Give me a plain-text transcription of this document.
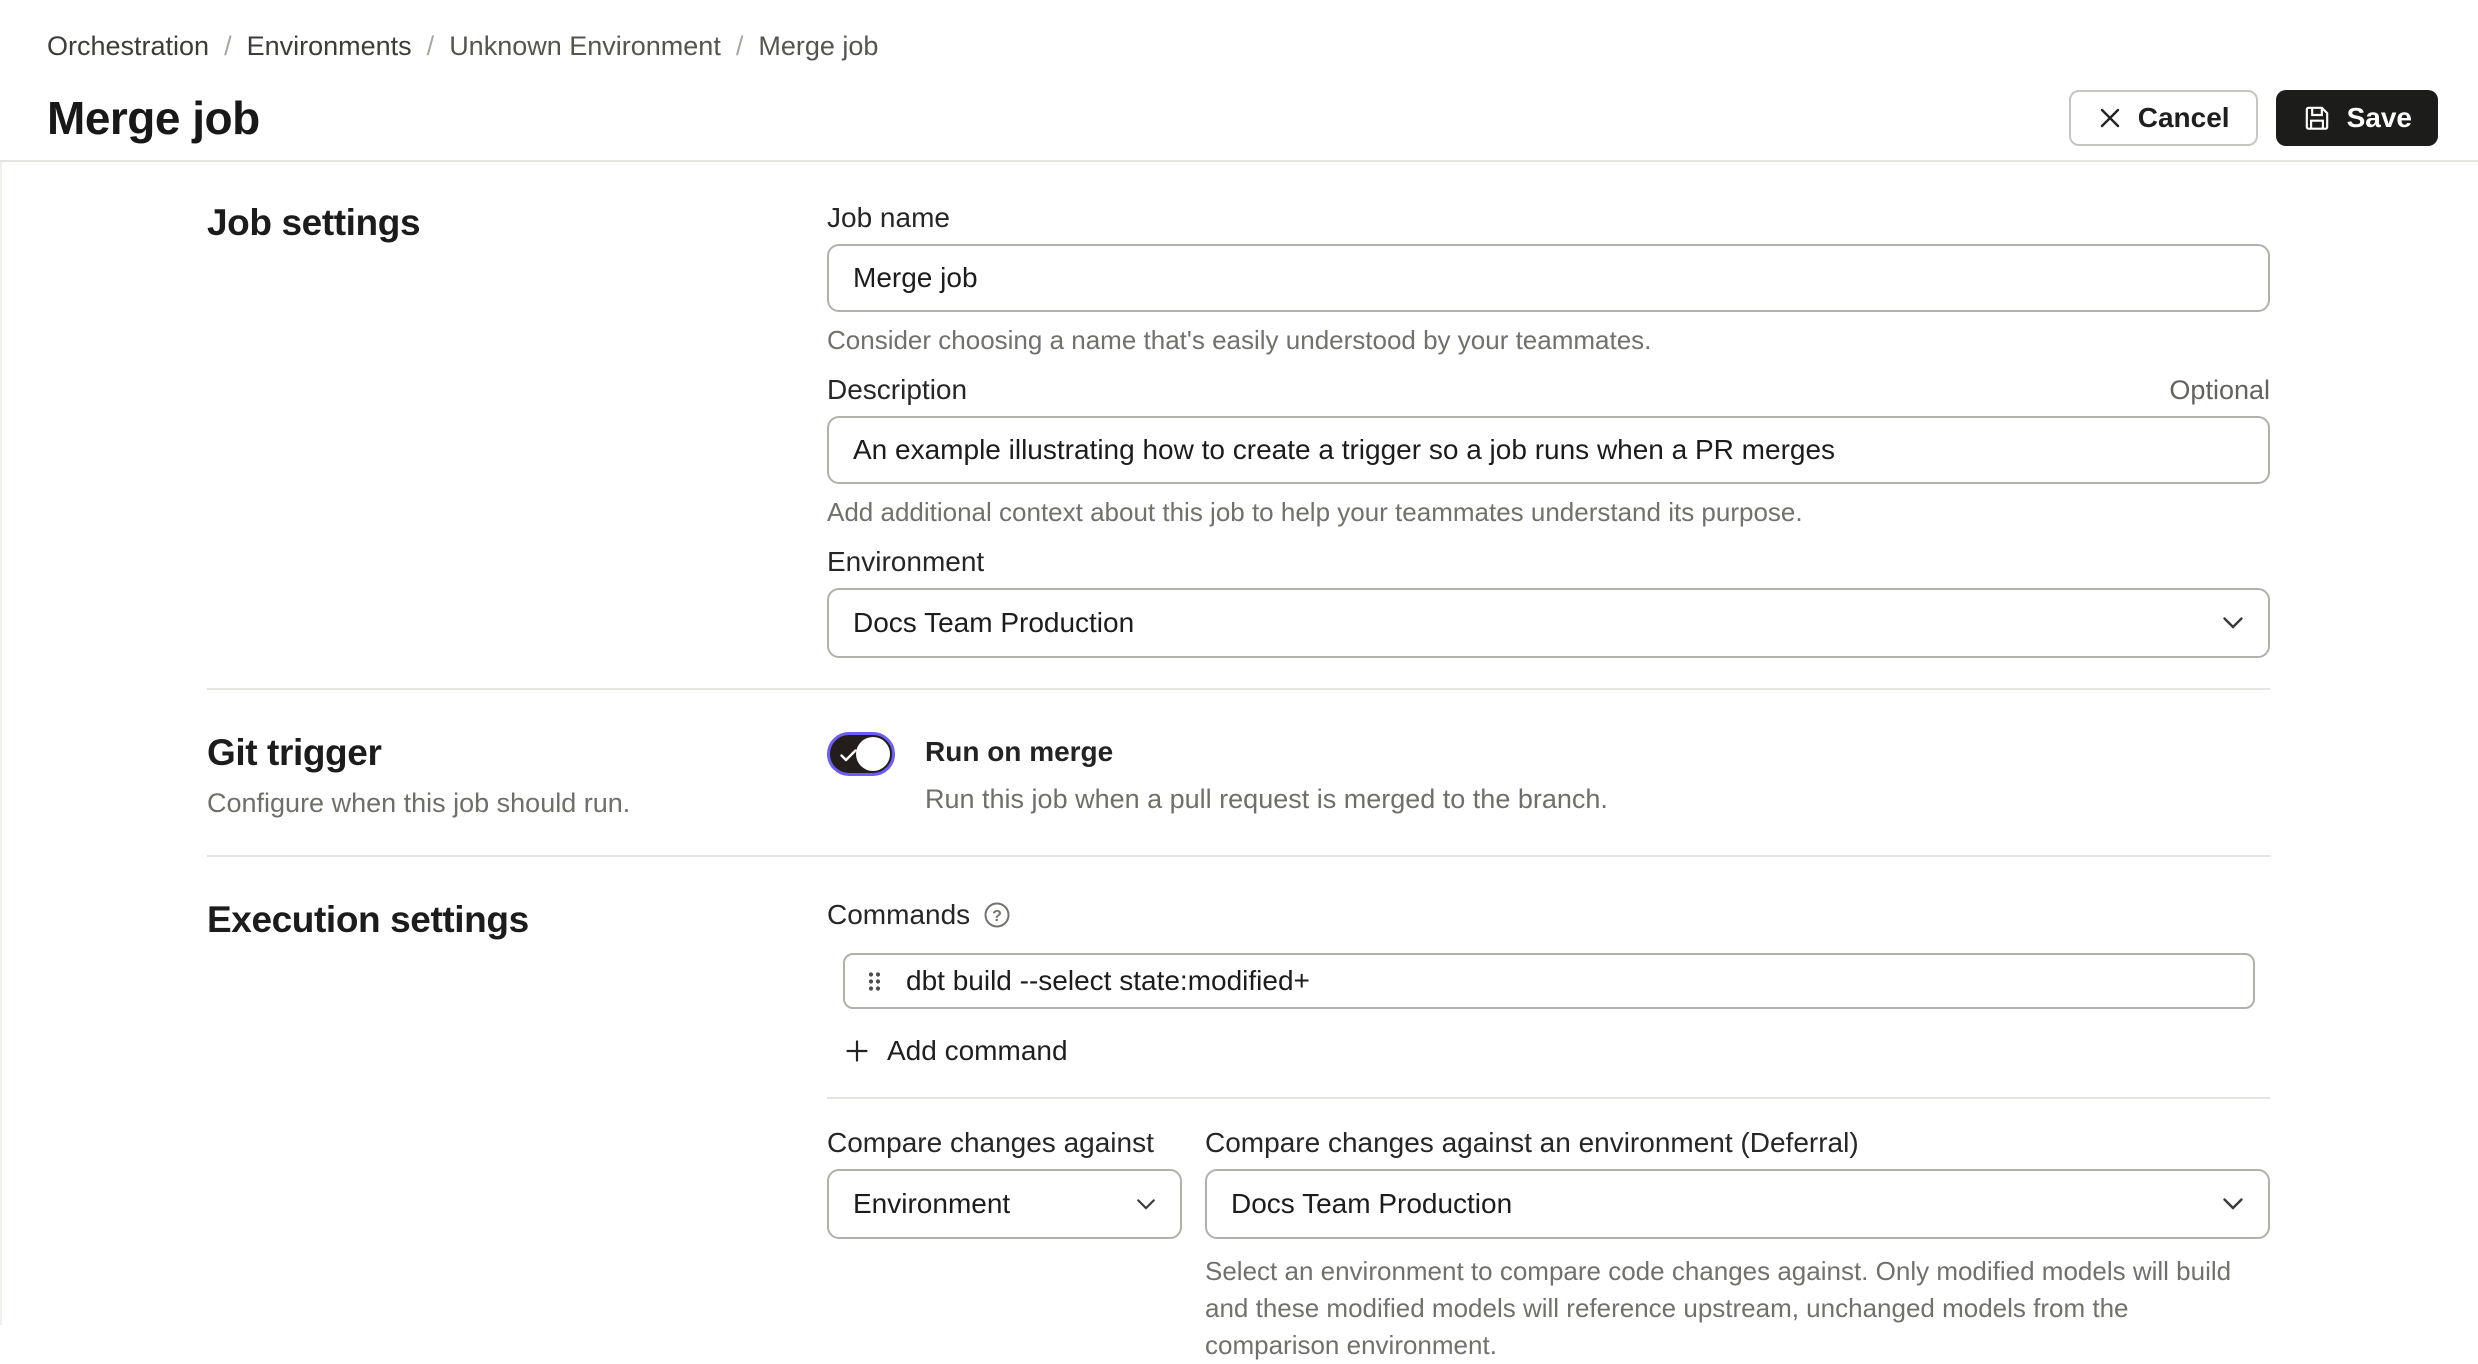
Orchestration / Environments / Unknown Environment / Merge job
Merge job	Cancel	Save
Job settings	Job name
Merge job
Consider choosing a name that's easily understood by your teammates.
Description	Optional
An example illustrating how to create a trigger so a job runs when a PR merges
Add additional context about this job to help your teammates understand its purpose.
Environment
Docs Team Production
Git trigger
Configure when this job should run.
Run on merge
Run this job when a pull request is merged to the branch.
Execution settings	Commands ?
dbt build --select state:modified+
Add command
Compare changes against
Environment
Compare changes against an environment (Deferral)
Docs Team Production
Select an environment to compare code changes against. Only modified models will build and these modified models will reference upstream, unchanged models from the comparison environment.
